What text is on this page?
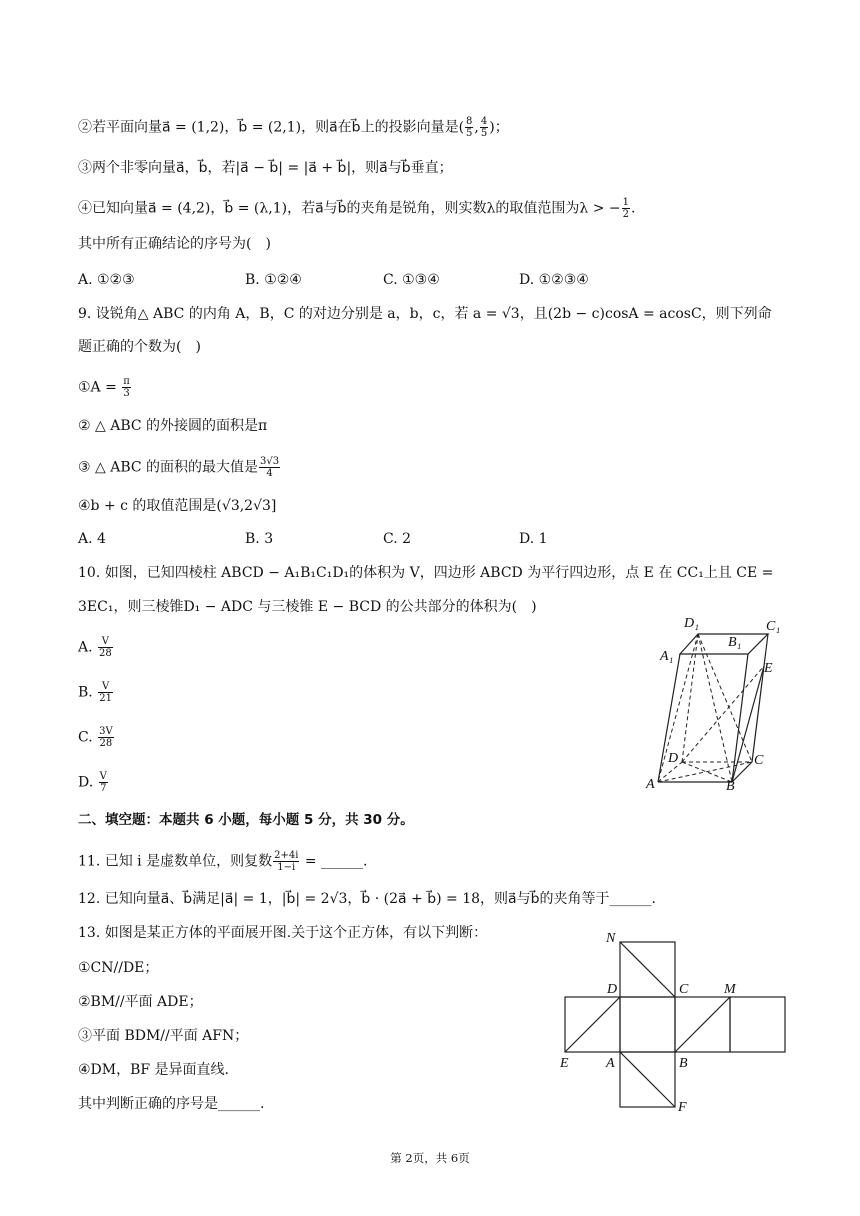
②若平面向量a⃗ = (1,2)，b⃗ = (2,1)，则a⃗在b⃗上的投影向量是( $\frac{8}{5}$ , $\frac{4}{5}$ )；
③两个非零向量a⃗，b⃗，若|a⃗ − b⃗| = |a⃗ + b⃗|，则a⃗与b⃗垂直；
④已知向量a⃗ = (4,2)，b⃗ = (λ,1)，若a⃗与b⃗的夹角是锐角，则实数λ的取值范围为λ > − $\frac{1}{2}$ .
其中所有正确结论的序号为(　)
A. ①②③	B. ①②④	C. ①③④	D. ①②③④
9. 设锐角△ ABC 的内角 A，B，C 的对边分别是 a，b，c，若 a = √3，且(2b − c)cosA = acosC，则下列命
题正确的个数为(　)
①A = $\frac{\pi}{3}$
② △ ABC 的外接圆的面积是π
③ △ ABC 的面积的最大值是 $\frac{3√3}{4}$
④b + c 的取值范围是(√3,2√3]
A. 4	B. 3	C. 2	D. 1
10. 如图，已知四棱柱 ABCD − A₁B₁C₁D₁的体积为 V，四边形 ABCD 为平行四边形，点 E 在 CC₁上且 CE =
3EC₁，则三棱锥D₁ − ADC 与三棱锥 E − BCD 的公共部分的体积为(　)
A. $\frac{V}{28}$
B. $\frac{V}{21}$
C. $\frac{3V}{28}$
D. $\frac{V}{7}$
D₁
B₁
C₁
A₁
E
D	C
A	B
二、填空题：本题共 6 小题，每小题 5 分，共 30 分。
11. 已知 i 是虚数单位，则复数 $\frac{2+4i}{1-i}$ = ______.
12. 已知向量a⃗、b⃗满足|a⃗| = 1，|b⃗| = 2√3，b⃗ · (2a⃗ + b⃗) = 18，则a⃗与b⃗的夹角等于______.
13. 如图是某正方体的平面展开图.关于这个正方体，有以下判断：
①CN//DE；
②BM//平面 ADE；
③平面 BDM//平面 AFN；
④DM，BF 是异面直线.
其中判断正确的序号是______.
N
D	C	M
E	A	B
F
第 2页，共 6页
